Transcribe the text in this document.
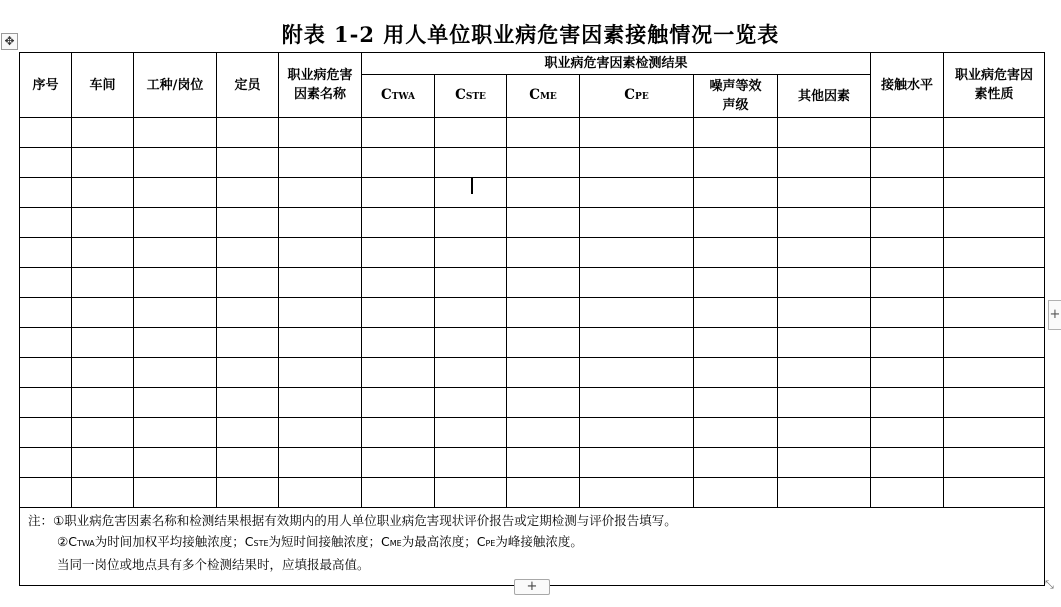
附表 1-2 用人单位职业病危害因素接触情况一览表
✥
序号	车间	工种/岗位	定员	职业病危害因素名称	职业病危害因素检测结果						接触水平	职业病危害因素性质
					CTWA	CSTE	CME	CPE	噪声等效声级	其他因素		

注：①职业病危害因素名称和检测结果根据有效期内的用人单位职业病危害现状评价报告或定期检测与评价报告填写。
②CTWA为时间加权平均接触浓度；CSTE为短时间接触浓度；CME为最高浓度；CPE为峰接触浓度。
当同一岗位或地点具有多个检测结果时，应填报最高值。												
+
+	⤡
